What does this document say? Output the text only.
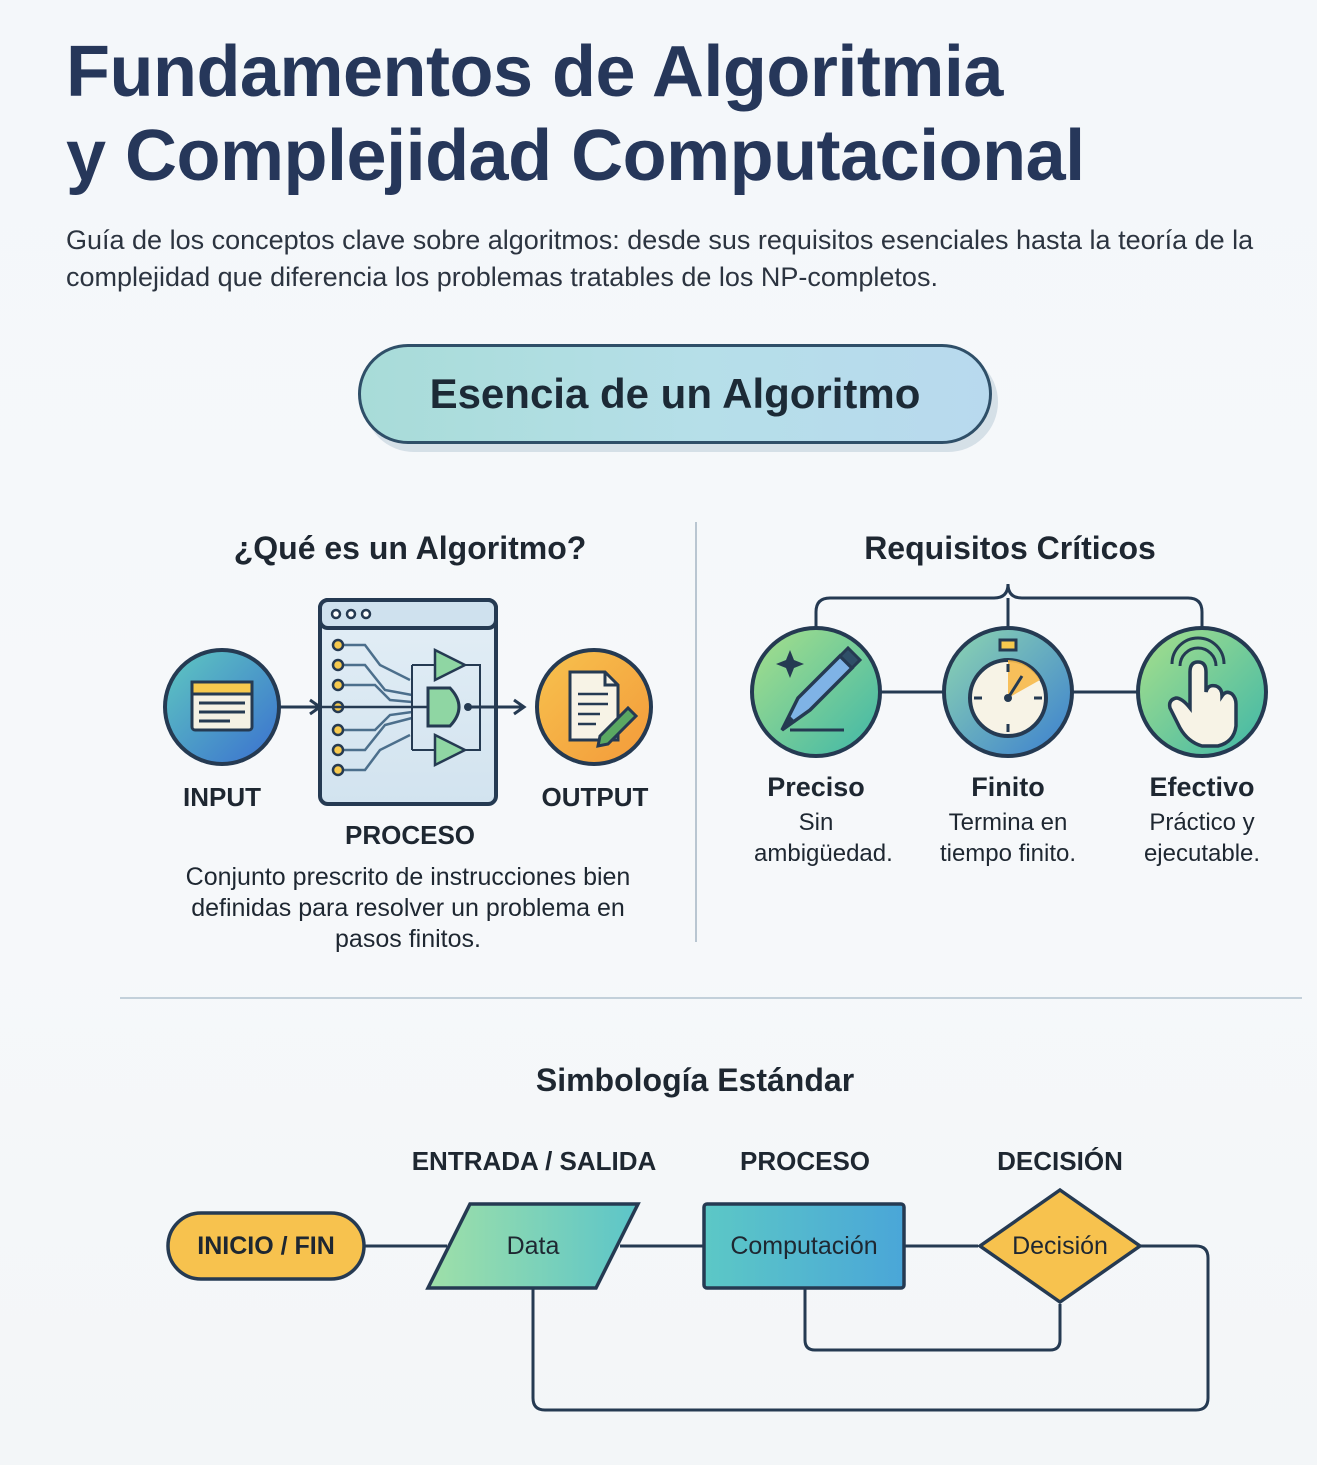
Fundamentos de Algoritmia
y Complejidad Computacional
Guía de los conceptos clave sobre algoritmos: desde sus requisitos esenciales hasta la teoría de la complejidad que diferencia los problemas tratables de los NP-completos.
Esencia de un Algoritmo
¿Qué es un Algoritmo?
INPUT
PROCESO
OUTPUT
Conjunto prescrito de instrucciones bien definidas para resolver un problema en pasos finitos.
Requisitos Críticos
Preciso
Sin ambigüedad.
Finito
Termina en tiempo finito.
Efectivo
Práctico y ejecutable.
Simbología Estándar
ENTRADA / SALIDA	PROCESO	DECISIÓN
INICIO / FIN	Data	Computación	Decisión
